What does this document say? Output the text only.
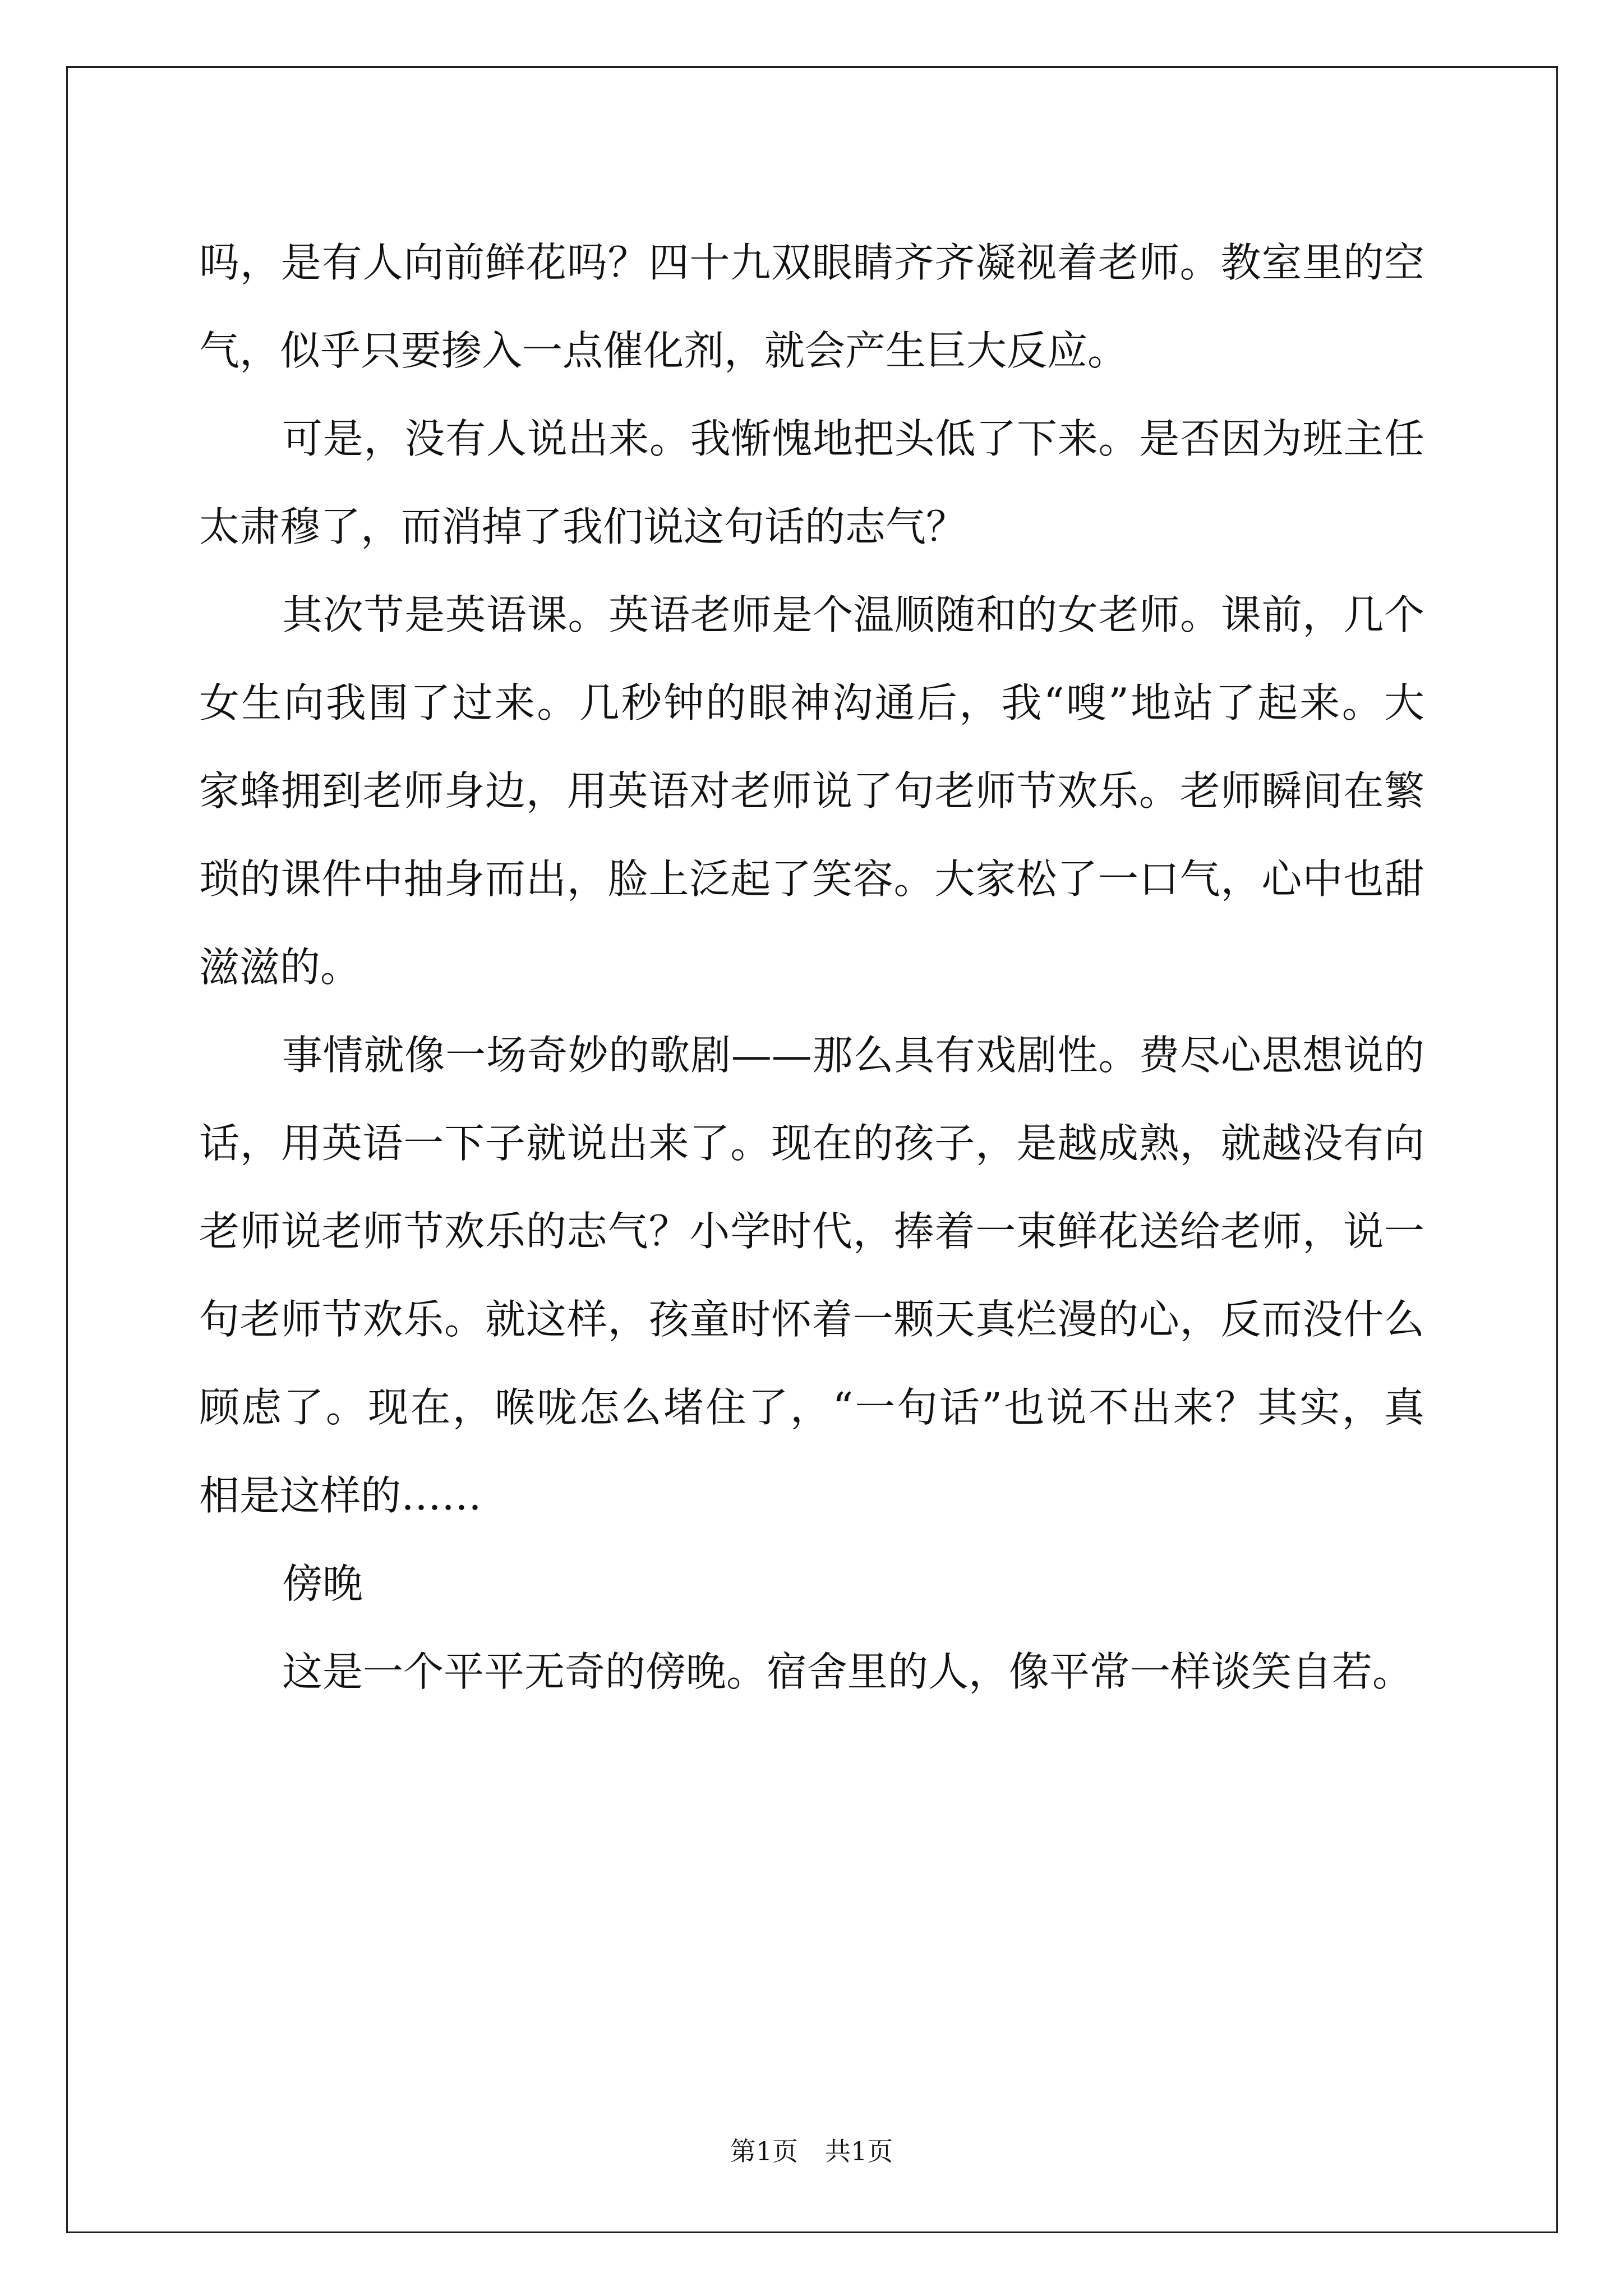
吗，是有人向前鲜花吗？四十九双眼睛齐齐凝视着老师。教室里的空
气，似乎只要掺入一点催化剂，就会产生巨大反应。
可是，没有人说出来。我惭愧地把头低了下来。是否因为班主任
太肃穆了，而消掉了我们说这句话的志气？
其次节是英语课。英语老师是个温顺随和的女老师。课前，几个
女生向我围了过来。几秒钟的眼神沟通后，我“嗖”地站了起来。大
家蜂拥到老师身边，用英语对老师说了句老师节欢乐。老师瞬间在繁
琐的课件中抽身而出，脸上泛起了笑容。大家松了一口气，心中也甜
滋滋的。
事情就像一场奇妙的歌剧——那么具有戏剧性。费尽心思想说的
话，用英语一下子就说出来了。现在的孩子，是越成熟，就越没有向
老师说老师节欢乐的志气？小学时代，捧着一束鲜花送给老师，说一
句老师节欢乐。就这样，孩童时怀着一颗天真烂漫的心，反而没什么
顾虑了。现在，喉咙怎么堵住了，“一句话”也说不出来？其实，真
相是这样的……
傍晚
这是一个平平无奇的傍晚。宿舍里的人，像平常一样谈笑自若。
第1页 共1页
